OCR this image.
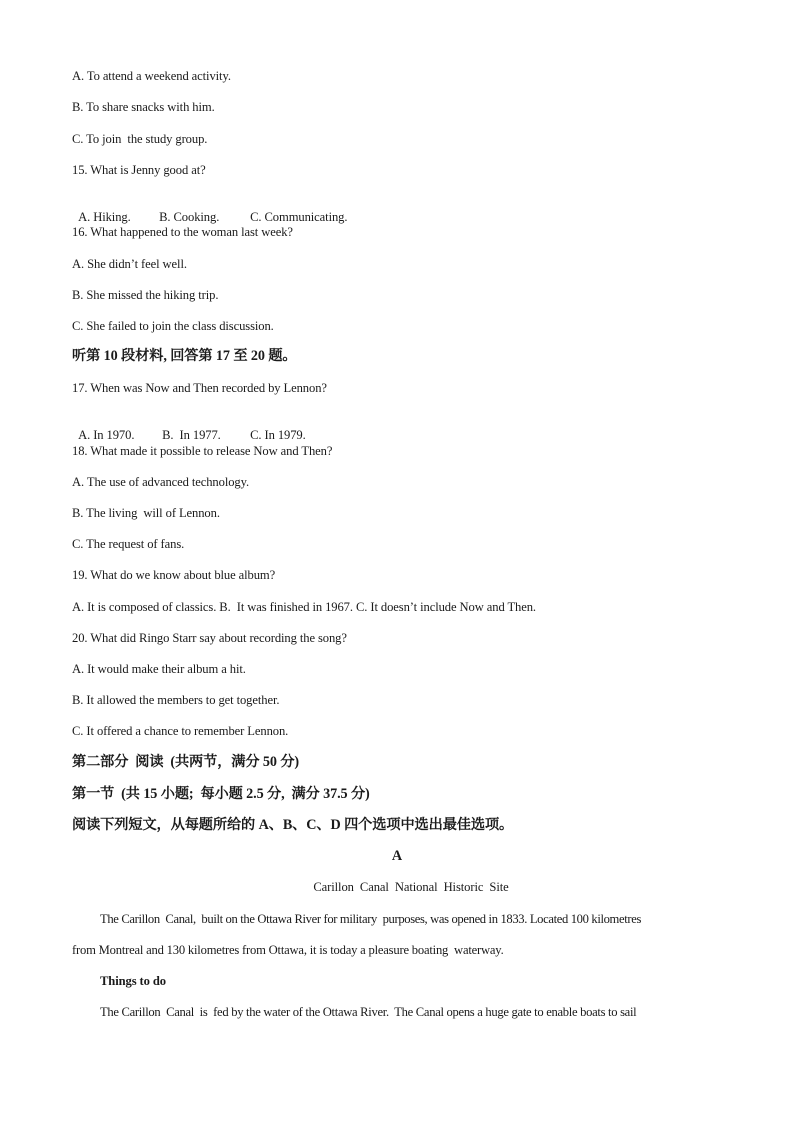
A. To attend a weekend activity.
B. To share snacks with him.
C. To join  the study group.
15. What is Jenny good at?

A. Hiking. B. Cooking. C. Communicating.

16. What happened to the woman last week?
A. She didn’t feel well.
B. She missed the hiking trip.
C. She failed to join the class discussion.
听第 10 段材料, 回答第 17 至 20 题。
17. When was Now and Then recorded by Lennon?

A. In 1970. B.  In 1977. C. In 1979.

18. What made it possible to release Now and Then?
A. The use of advanced technology.
B. The living  will of Lennon.
C. The request of fans.
19. What do we know about blue album?
A. It is composed of classics. B.  It was finished in 1967. C. It doesn’t include Now and Then.
20. What did Ringo Starr say about recording the song?
A. It would make their album a hit.
B. It allowed the members to get together.
C. It offered a chance to remember Lennon.
第二部分  阅读  (共两节，满分 50 分)
第一节  (共 15 小题;  每小题 2.5 分,  满分 37.5 分)
阅读下列短文，从每题所给的 A、B、C、D 四个选项中选出最佳选项。
A
Carillon  Canal  National  Historic  Site
The Carillon  Canal,  built on the Ottawa River for military  purposes, was opened in 1833. Located 100 kilometres
from Montreal and 130 kilometres from Ottawa, it is today a pleasure boating  waterway.
Things to do
The Carillon  Canal  is  fed by the water of the Ottawa River.  The Canal opens a huge gate to enable boats to sail
